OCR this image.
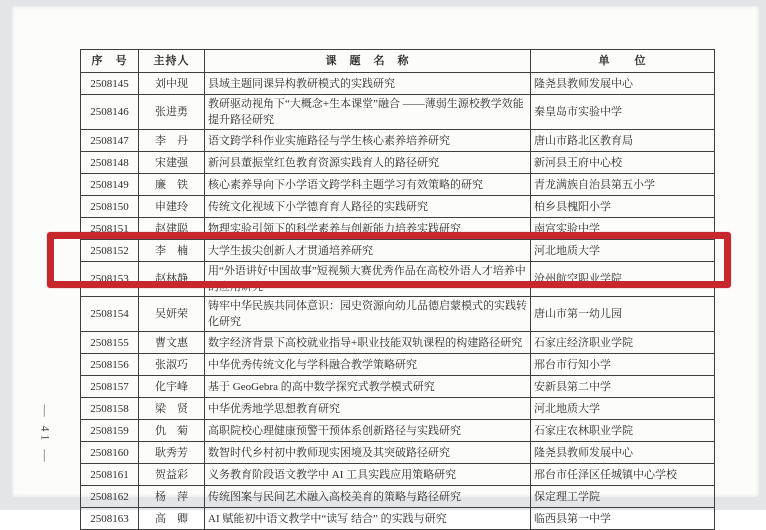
— 41 —
序　号	主持人	课　题　名　称	单　　位
2508145	刘中现	县域主题同课异构教研模式的实践研究	隆尧县教师发展中心
2508146	张进勇	教研驱动视角下“大概念+生本课堂”融合 ——薄弱生源校教学效能提升路径研究	秦皇岛市实验中学
2508147	李　丹	语文跨学科作业实施路径与学生核心素养培养研究	唐山市路北区教育局
2508148	宋建强	新河县董振堂红色教育资源实践育人的路径研究	新河县王府中心校
2508149	廉　铁	核心素养导向下小学语文跨学科主题学习有效策略的研究	青龙满族自治县第五小学
2508150	申建玲	传统文化视域下小学德育育人路径的实践研究	柏乡县槐阳小学
2508151	赵建聪	物理实验引领下的科学素养与创新能力培养实践研究	南宫实验中学
2508152	李　楠	大学生拔尖创新人才贯通培养研究	河北地质大学
2508153	赵林静	用“外语讲好中国故事”短视频大赛优秀作品在高校外语人才培养中的应用研究	沧州航空职业学院
2508154	吴妍荣	铸牢中华民族共同体意识：园史资源向幼儿品德启蒙模式的实践转化研究	唐山市第一幼儿园
2508155	曹文惠	数字经济背景下高校就业指导+职业技能双轨课程的构建路径研究	石家庄经济职业学院
2508156	张淑巧	中华优秀传统文化与学科融合教学策略研究	邢台市行知小学
2508157	化宇峰	基于 GeoGebra 的高中数学探究式教学模式研究	安新县第二中学
2508158	梁　贤	中华优秀地学思想教育研究	河北地质大学
2508159	仇　菊	高职院校心理健康预警干预体系创新路径与实践研究	石家庄农林职业学院
2508160	耿秀芳	数智时代乡村初中教师现实困境及其突破路径研究	隆尧县教师发展中心
2508161	贺益彩	义务教育阶段语文教学中 AI 工具实践应用策略研究	邢台市任泽区任城镇中心学校
2508162	杨　萍	传统图案与民间艺术融入高校美育的策略与路径研究	保定理工学院
2508163	高　卿	AI 赋能初中语文教学中“读写 结合” 的实践与研究	临西县第一中学
